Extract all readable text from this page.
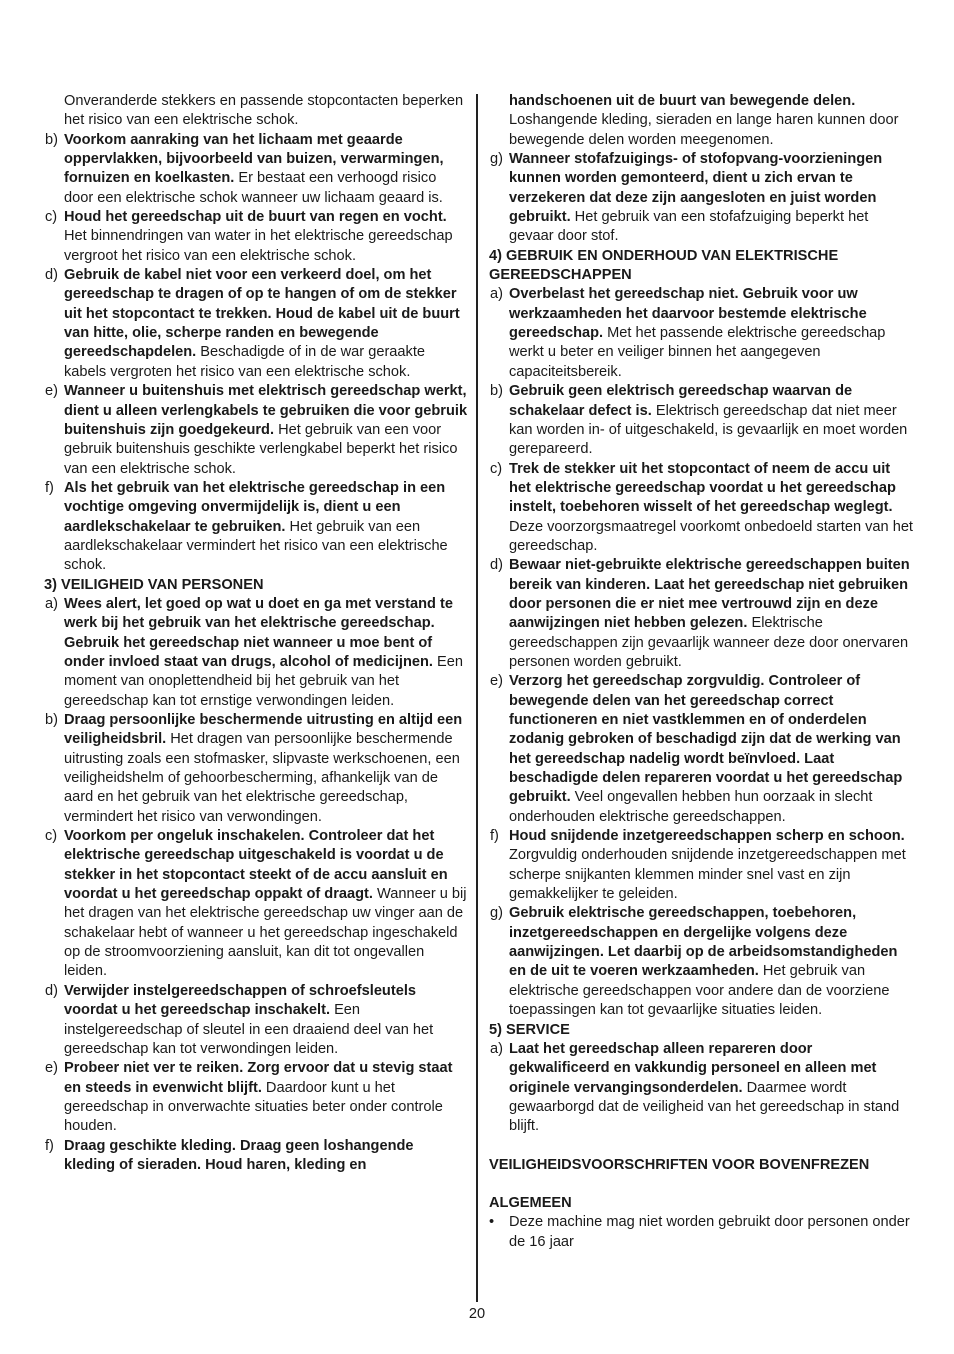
Onveranderde stekkers en passende stopcontacten beperken het risico van een elektrische schok.

b) Voorkom aanraking van het lichaam met geaarde oppervlakken, bijvoorbeeld van buizen, verwarmingen, fornuizen en koelkasten. Er bestaat een verhoogd risico door een elektrische schok wanneer uw lichaam geaard is.
c) Houd het gereedschap uit de buurt van regen en vocht. Het binnendringen van water in het elektrische gereedschap vergroot het risico van een elektrische schok.
d) Gebruik de kabel niet voor een verkeerd doel, om het gereedschap te dragen of op te hangen of om de stekker uit het stopcontact te trekken. Houd de kabel uit de buurt van hitte, olie, scherpe randen en bewegende gereedschapdelen. Beschadigde of in de war geraakte kabels vergroten het risico van een elektrische schok.
e) Wanneer u buitenshuis met elektrisch gereedschap werkt, dient u alleen verlengkabels te gebruiken die voor gebruik buitenshuis zijn goedgekeurd. Het gebruik van een voor gebruik buitenshuis geschikte verlengkabel beperkt het risico van een elektrische schok.
f) Als het gebruik van het elektrische gereedschap in een vochtige omgeving onvermijdelijk is, dient u een aardlekschakelaar te gebruiken. Het gebruik van een aardlekschakelaar vermindert het risico van een elektrische schok.

3) VEILIGHEID VAN PERSONEN

a) Wees alert, let goed op wat u doet en ga met verstand te werk bij het gebruik van het elektrische gereedschap. Gebruik het gereedschap niet wanneer u moe bent of onder invloed staat van drugs, alcohol of medicijnen. Een moment van onoplettendheid bij het gebruik van het gereedschap kan tot ernstige verwondingen leiden.
b) Draag persoonlijke beschermende uitrusting en altijd een veiligheidsbril. Het dragen van persoonlijke beschermende uitrusting zoals een stofmasker, slipvaste werkschoenen, een veiligheidshelm of gehoorbescherming, afhankelijk van de aard en het gebruik van het elektrische gereedschap, vermindert het risico van verwondingen.
c) Voorkom per ongeluk inschakelen. Controleer dat het elektrische gereedschap uitgeschakeld is voordat u de stekker in het stopcontact steekt of de accu aansluit en voordat u het gereedschap oppakt of draagt. Wanneer u bij het dragen van het elektrische gereedschap uw vinger aan de schakelaar hebt of wanneer u het gereedschap ingeschakeld op de stroomvoorziening aansluit, kan dit tot ongevallen leiden.
d) Verwijder instelgereedschappen of schroefsleutels voordat u het gereedschap inschakelt. Een instelgereedschap of sleutel in een draaiend deel van het gereedschap kan tot verwondingen leiden.
e) Probeer niet ver te reiken. Zorg ervoor dat u stevig staat en steeds in evenwicht blijft. Daardoor kunt u het gereedschap in onverwachte situaties beter onder controle houden.
f) Draag geschikte kleding. Draag geen loshangende kleding of sieraden. Houd haren, kleding en

handschoenen uit de buurt van bewegende delen. Loshangende kleding, sieraden en lange haren kunnen door bewegende delen worden meegenomen.

g) Wanneer stofafzuigings- of stofopvang-voorzieningen kunnen worden gemonteerd, dient u zich ervan te verzekeren dat deze zijn aangesloten en juist worden gebruikt. Het gebruik van een stofafzuiging beperkt het gevaar door stof.

4) GEBRUIK EN ONDERHOUD VAN ELEKTRISCHE GEREEDSCHAPPEN

a) Overbelast het gereedschap niet. Gebruik voor uw werkzaamheden het daarvoor bestemde elektrische gereedschap. Met het passende elektrische gereedschap werkt u beter en veiliger binnen het aangegeven capaciteitsbereik.
b) Gebruik geen elektrisch gereedschap waarvan de schakelaar defect is. Elektrisch gereedschap dat niet meer kan worden in- of uitgeschakeld, is gevaarlijk en moet worden gerepareerd.
c) Trek de stekker uit het stopcontact of neem de accu uit het elektrische gereedschap voordat u het gereedschap instelt, toebehoren wisselt of het gereedschap weglegt. Deze voorzorgsmaatregel voorkomt onbedoeld starten van het gereedschap.
d) Bewaar niet-gebruikte elektrische gereedschappen buiten bereik van kinderen. Laat het gereedschap niet gebruiken door personen die er niet mee vertrouwd zijn en deze aanwijzingen niet hebben gelezen. Elektrische gereedschappen zijn gevaarlijk wanneer deze door onervaren personen worden gebruikt.
e) Verzorg het gereedschap zorgvuldig. Controleer of bewegende delen van het gereedschap correct functioneren en niet vastklemmen en of onderdelen zodanig gebroken of beschadigd zijn dat de werking van het gereedschap nadelig wordt beïnvloed. Laat beschadigde delen repareren voordat u het gereedschap gebruikt. Veel ongevallen hebben hun oorzaak in slecht onderhouden elektrische gereedschappen.
f) Houd snijdende inzetgereedschappen scherp en schoon. Zorgvuldig onderhouden snijdende inzetgereedschappen met scherpe snijkanten klemmen minder snel vast en zijn gemakkelijker te geleiden.
g) Gebruik elektrische gereedschappen, toebehoren, inzetgereedschappen en dergelijke volgens deze aanwijzingen. Let daarbij op de arbeidsomstandigheden en de uit te voeren werkzaamheden. Het gebruik van elektrische gereedschappen voor andere dan de voorziene toepassingen kan tot gevaarlijke situaties leiden.

5) SERVICE

a) Laat het gereedschap alleen repareren door gekwalificeerd en vakkundig personeel en alleen met originele vervangingsonderdelen. Daarmee wordt gewaarborgd dat de veiligheid van het gereedschap in stand blijft.

VEILIGHEIDSVOORSCHRIFTEN VOOR BOVENFREZEN

ALGEMEEN

• Deze machine mag niet worden gebruikt door personen onder de 16 jaar
20
